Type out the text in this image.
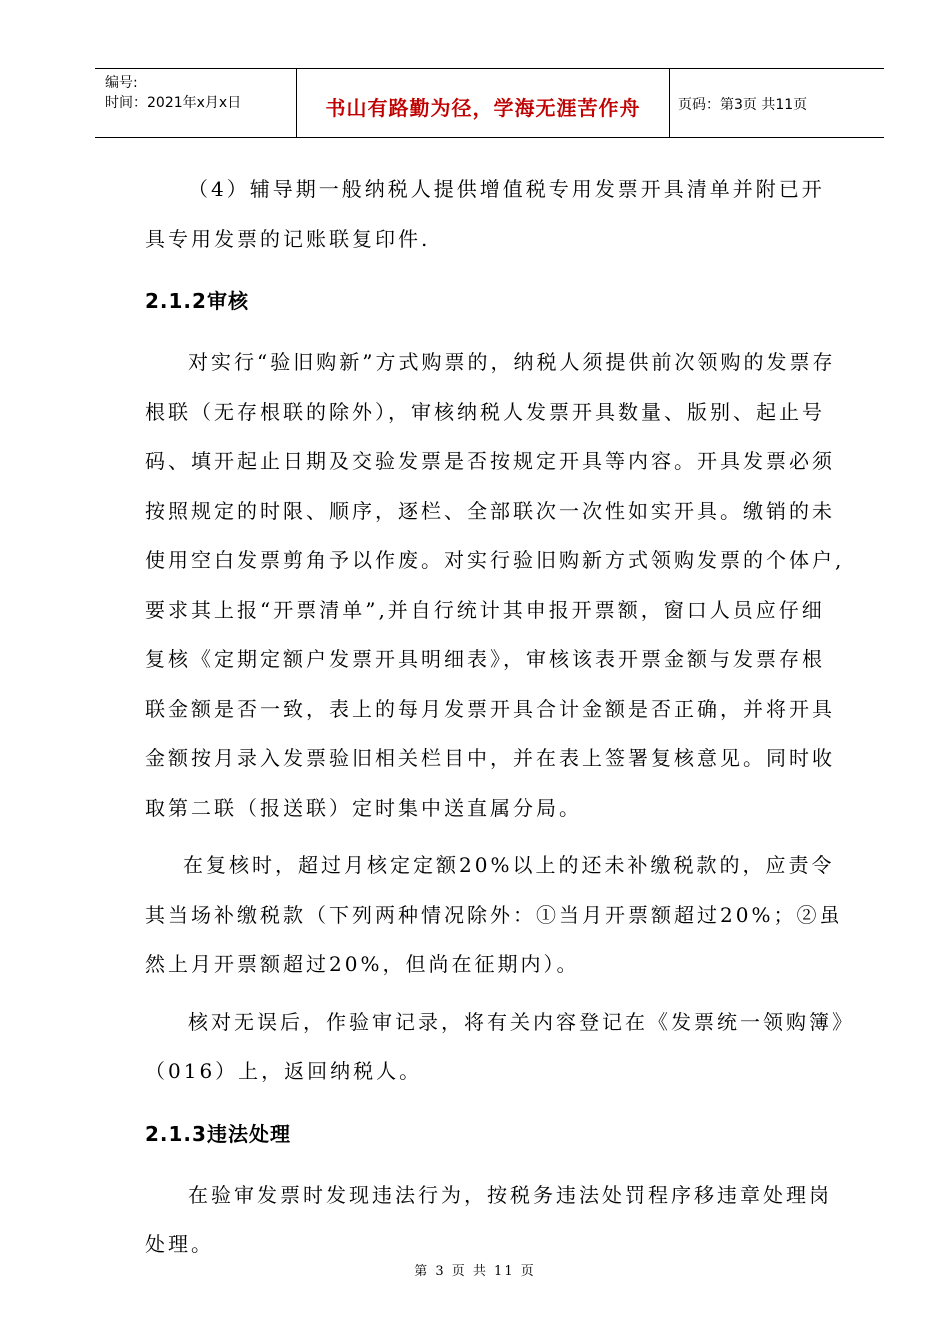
编号:
时间：2021年x月x日	书山有路勤为径，学海无涯苦作舟	页码：第3页 共11页

（4）辅导期一般纳税人提供增值税专用发票开具清单并附已开具专用发票的记账联复印件.

2.1.2审核

对实行“验旧购新”方式购票的，纳税人须提供前次领购的发票存根联（无存根联的除外），审核纳税人发票开具数量、版别、起止号码、填开起止日期及交验发票是否按规定开具等内容。开具发票必须按照规定的时限、顺序，逐栏、全部联次一次性如实开具。缴销的未使用空白发票剪角予以作废。对实行验旧购新方式领购发票的个体户,要求其上报“开票清单”,并自行统计其申报开票额，窗口人员应仔细复核《定期定额户发票开具明细表》，审核该表开票金额与发票存根联金额是否一致，表上的每月发票开具合计金额是否正确，并将开具金额按月录入发票验旧相关栏目中，并在表上签署复核意见。同时收取第二联（报送联）定时集中送直属分局。

在复核时，超过月核定定额20%以上的还未补缴税款的，应责令其当场补缴税款（下列两种情况除外：①当月开票额超过20%；②虽然上月开票额超过20%，但尚在征期内）。

核对无误后，作验审记录，将有关内容登记在《发票统一领购簿》（016）上，返回纳税人。

2.1.3违法处理

在验审发票时发现违法行为，按税务违法处罚程序移违章处理岗处理。

第 3 页 共 11 页
